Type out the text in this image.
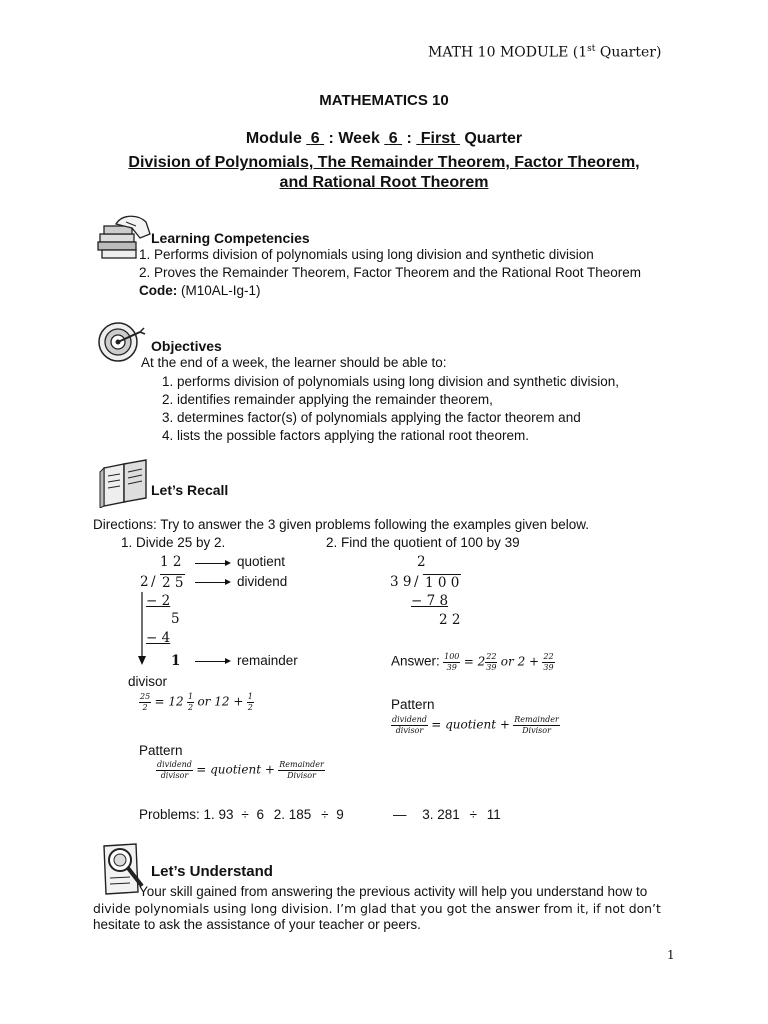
MATH 10 MODULE (1st Quarter)
MATHEMATICS 10
Module 6  : Week 6  :  First Quarter
Division of Polynomials, The Remainder Theorem, Factor Theorem,
and Rational Root Theorem
Learning Competencies
1. Performs division of polynomials using long division and synthetic division
2. Proves the Remainder Theorem, Factor Theorem and the Rational Root Theorem
Code: (M10AL-Ig-1)
Objectives
At the end of a week, the learner should be able to:
1. performs division of polynomials using long division and synthetic division,
2. identifies remainder applying the remainder theorem,
3. determines factor(s) of polynomials applying the factor theorem and
4. lists the possible factors applying the rational root theorem.
Let’s Recall
Directions: Try to answer the 3 given problems following the examples given below.
1. Divide 25 by 2.	2. Find the quotient of 100 by 39
1 2	quotient
2 / 2 5	dividend
− 2
5
− 4
1	remainder
divisor
$\frac{25}{2} = 12 \frac{1}{2}$ or $12 + \frac{1}{2}$
Pattern
$\frac{\text{dividend}}{\text{divisor}}$ = quotient + $\frac{\text{Remainder}}{\text{Divisor}}$
2
3 9 / 1 0 0
− 7 8
2 2
Answer: $\frac{100}{39} = 2 \frac{22}{39}$ or $2 + \frac{22}{39}$
Pattern
$\frac{\text{dividend}}{\text{divisor}}$ = quotient + $\frac{\text{Remainder}}{\text{Divisor}}$
Problems: 1. 93 ÷ 6 2. 185 ÷ 9	— 3. 281 ÷ 11
Let’s Understand
Your skill gained from answering the previous activity will help you understand how to
divide polynomials using long division. I’m glad that you got the answer from it, if not don’t
hesitate to ask the assistance of your teacher or peers.
1
